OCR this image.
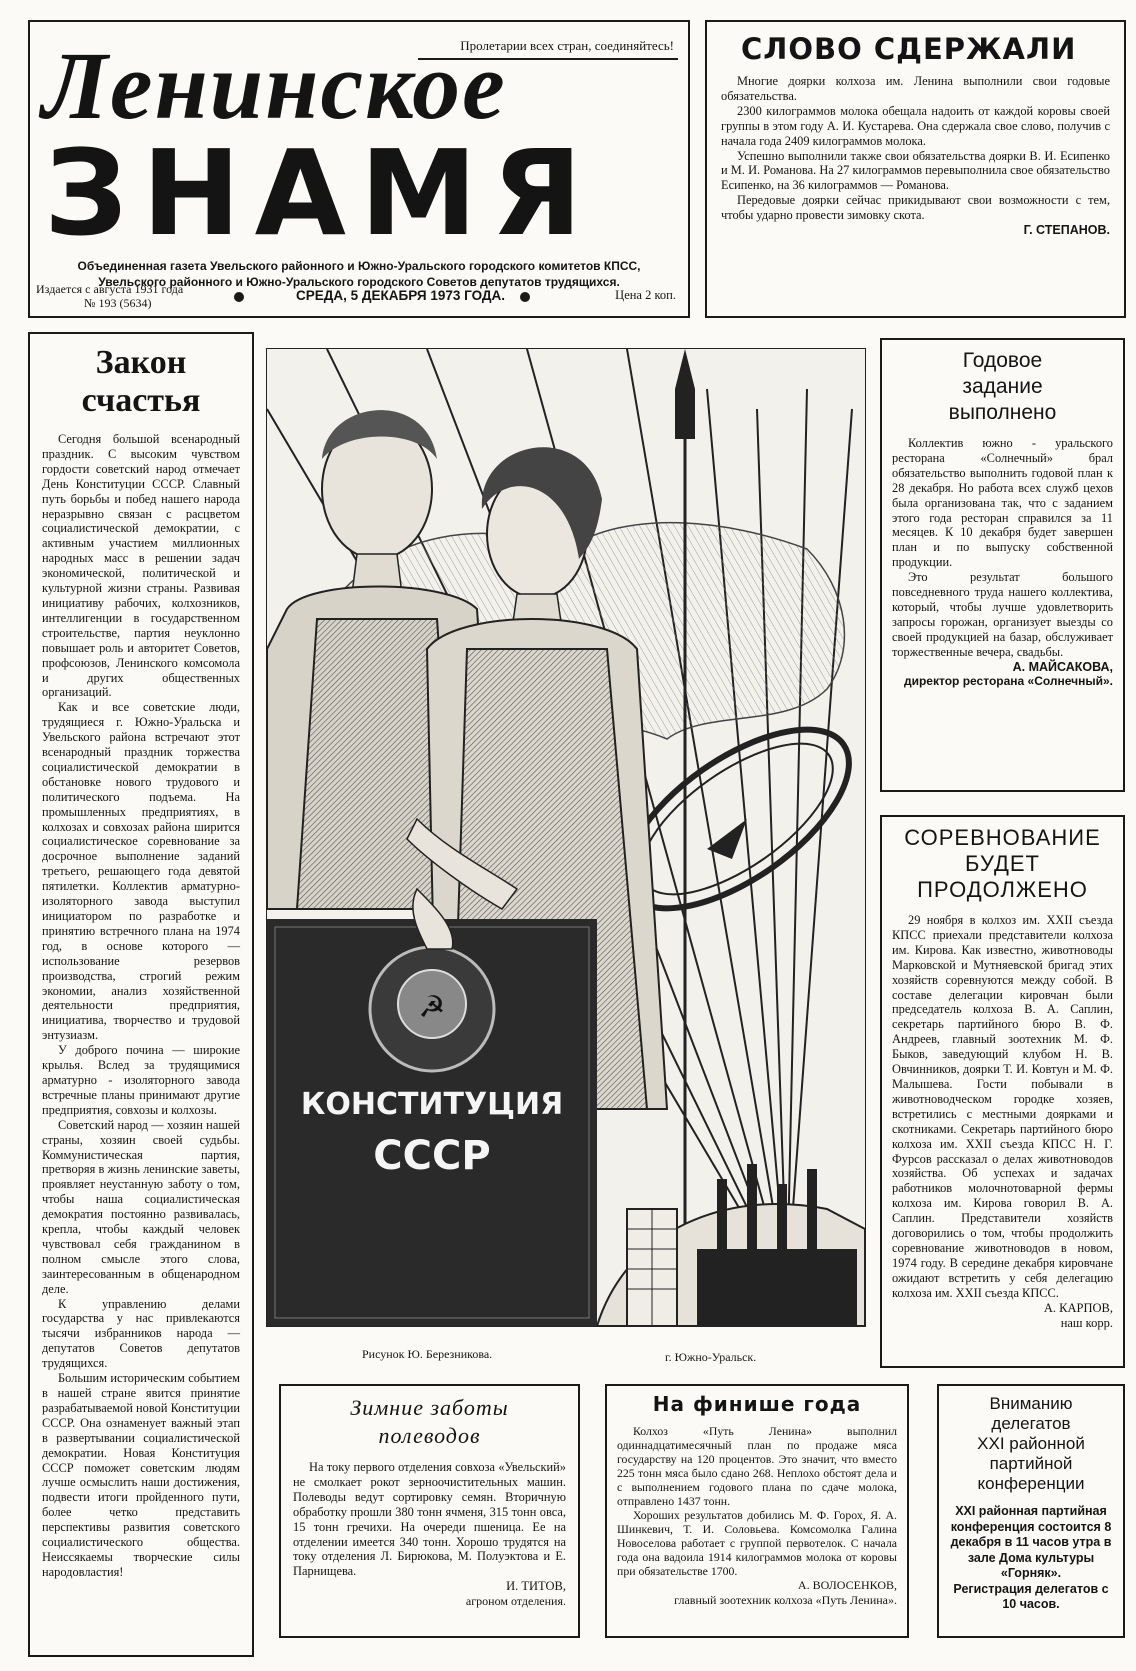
Пролетарии всех стран, соединяйтесь!
Ленинское
ЗНАМЯ
Объединенная газета Увельского районного и Южно-Уральского городского комитетов КПСС,
Увельского районного и Южно-Уральского городского Советов депутатов трудящихся.
Издается с августа 1931 года
№ 193 (5634)	СРЕДА, 5 ДЕКАБРЯ 1973 ГОДА.	Цена 2 коп.
СЛОВО СДЕРЖАЛИ

Многие доярки колхоза им. Ленина выполнили свои годовые обязательства.

2300 килограммов молока обещала надоить от каждой коровы своей группы в этом году А. И. Кустарева. Она сдержала свое слово, получив с начала года 2409 килограммов молока.

Успешно выполнили также свои обязательства доярки В. И. Есипенко и М. И. Романова. На 27 килограммов перевыполнила свое обязательство Есипенко, на 36 килограммов — Романова.

Передовые доярки сейчас прикидывают свои возможности с тем, чтобы ударно провести зимовку скота.

Г. СТЕПАНОВ.
Закон
счастья

Сегодня большой всенародный праздник. С высоким чувством гордости советский народ отмечает День Конституции СССР. Славный путь борьбы и побед нашего народа неразрывно связан с расцветом социалистической демократии, с активным участием миллионных народных масс в решении задач экономической, политической и культурной жизни страны. Развивая инициативу рабочих, колхозников, интеллигенции в государственном строительстве, партия неуклонно повышает роль и авторитет Советов, профсоюзов, Ленинского комсомола и других общественных организаций.

Как и все советские люди, трудящиеся г. Южно-Уральска и Увельского района встречают этот всенародный праздник торжества социалистической демократии в обстановке нового трудового и политического подъема. На промышленных предприятиях, в колхозах и совхозах района ширится социалистическое соревнование за досрочное выполнение заданий третьего, решающего года девятой пятилетки. Коллектив арматурно-изоляторного завода выступил инициатором по разработке и принятию встречного плана на 1974 год, в основе которого — использование резервов производства, строгий режим экономии, анализ хозяйственной деятельности предприятия, инициатива, творчество и трудовой энтузиазм.

У доброго почина — широкие крылья. Вслед за трудящимися арматурно - изоляторного завода встречные планы принимают другие предприятия, совхозы и колхозы.

Советский народ — хозяин нашей страны, хозяин своей судьбы. Коммунистическая партия, претворяя в жизнь ленинские заветы, проявляет неустанную заботу о том, чтобы наша социалистическая демократия постоянно развивалась, крепла, чтобы каждый человек чувствовал себя гражданином в полном смысле этого слова, заинтересованным в общенародном деле.

К управлению делами государства у нас привлекаются тысячи избранников народа — депутатов Советов депутатов трудящихся.

Большим историческим событием в нашей стране явится принятие разрабатываемой новой Конституции СССР. Она ознаменует важный этап в развертывании социалистической демократии. Новая Конституция СССР поможет советским людям лучше осмыслить наши достижения, подвести итоги пройденного пути, более четко представить перспективы развития советского социалистического общества. Неиссякаемы творческие силы народовластия!

☭
КОНСТИТУЦИЯ
СССР
Рисунок Ю. Березникова.	г. Южно-Уральск.
Годовое
задание
выполнено

Коллектив южно - уральского ресторана «Солнечный» брал обязательство выполнить годовой план к 28 декабря. Но работа всех служб цехов была организована так, что с заданием этого года ресторан справился за 11 месяцев. К 10 декабря будет завершен план и по выпуску собственной продукции.

Это результат большого повседневного труда нашего коллектива, который, чтобы лучше удовлетворить запросы горожан, организует выезды со своей продукцией на базар, обслуживает торжественные вечера, свадьбы.

А. МАЙСАКОВА,
директор ресторана «Солнечный».
СОРЕВНОВАНИЕ
БУДЕТ
ПРОДОЛЖЕНО

29 ноября в колхоз им. XXII съезда КПСС приехали представители колхоза им. Кирова. Как известно, животноводы Марковской и Мутняевской бригад этих хозяйств соревнуются между собой. В составе делегации кировчан были председатель колхоза В. А. Саплин, секретарь партийного бюро В. Ф. Андреев, главный зоотехник М. Ф. Быков, заведующий клубом Н. В. Овчинников, доярки Т. И. Ковтун и М. Ф. Малышева. Гости побывали в животноводческом городке хозяев, встретились с местными доярками и скотниками. Секретарь партийного бюро колхоза им. XXII съезда КПСС Н. Г. Фурсов рассказал о делах животноводов хозяйства. Об успехах и задачах работников молочнотоварной фермы колхоза им. Кирова говорил В. А. Саплин. Представители хозяйств договорились о том, чтобы продолжить соревнование животноводов в новом, 1974 году. В середине декабря кировчане ожидают встретить у себя делегацию колхоза им. XXII съезда КПСС.

А. КАРПОВ,
наш корр.
Зимние заботы
полеводов

На току первого отделения совхоза «Увельский» не смолкает рокот зерноочистительных машин. Полеводы ведут сортировку семян. Вторичную обработку прошли 380 тонн ячменя, 315 тонн овса, 15 тонн гречихи. На очереди пшеница. Ее на отделении имеется 340 тонн. Хорошо трудятся на току отделения Л. Бирюкова, М. Полуэктова и Е. Парнищева.

И. ТИТОВ,
агроном отделения.
На финише года

Колхоз «Путь Ленина» выполнил одиннадцатимесячный план по продаже мяса государству на 120 процентов. Это значит, что вместо 225 тонн мяса было сдано 268. Неплохо обстоят дела и с выполнением годового плана по сдаче молока, отправлено 1437 тонн.

Хороших результатов добились М. Ф. Горох, Я. А. Шинкевич, Т. И. Соловьева. Комсомолка Галина Новоселова работает с группой первотелок. С начала года она вадоила 1914 килограммов молока от коровы при обязательстве 1700.

А. ВОЛОСЕНКОВ,
главный зоотехник колхоза «Путь Ленина».
Вниманию
делегатов
XXI районной
партийной
конференции

XXI районная партийная конференция состоится 8 декабря в 11 часов утра в зале Дома культуры «Горняк».

Регистрация делегатов с 10 часов.
